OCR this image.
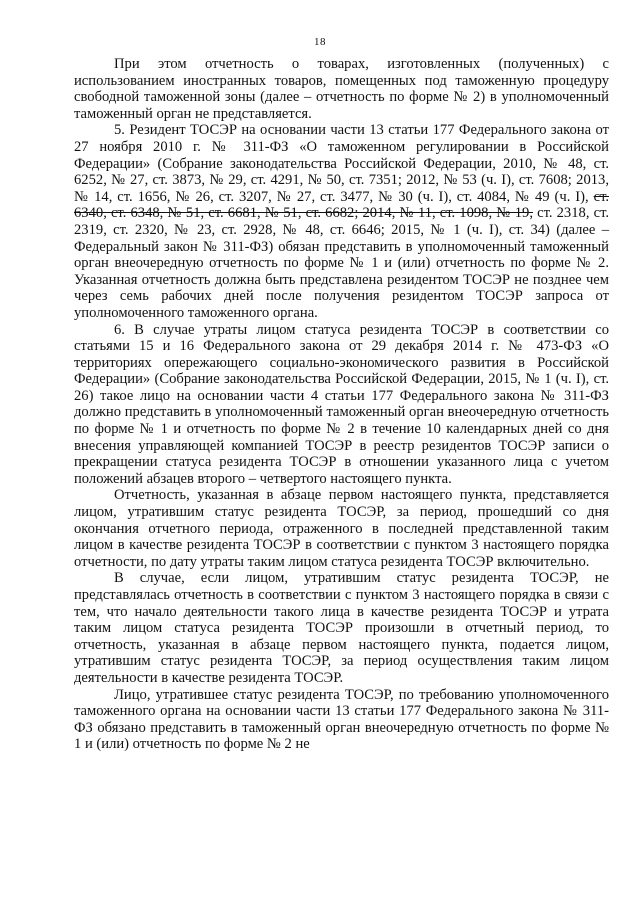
18

При этом отчетность о товарах, изготовленных (полученных) с использованием иностранных товаров, помещенных под таможенную процедуру свободной таможенной зоны (далее – отчетность по форме № 2) в уполномоченный таможенный орган не представляется.

5. Резидент ТОСЭР на основании части 13 статьи 177 Федерального закона от 27 ноября 2010 г. № 311-ФЗ «О таможенном регулировании в Российской Федерации» (Собрание законодательства Российской Федерации, 2010, № 48, ст. 6252, № 27, ст. 3873, № 29, ст. 4291, № 50, ст. 7351; 2012, № 53 (ч. I), ст. 7608; 2013, № 14, ст. 1656, № 26, ст. 3207, № 27, ст. 3477, № 30 (ч. I), ст. 4084, № 49 (ч. I), ст. 6340, ст. 6348, № 51, ст. 6681, № 51, ст. 6682; 2014, № 11, ст. 1098, № 19, ст. 2318, ст. 2319, ст. 2320, № 23, ст. 2928, № 48, ст. 6646; 2015, № 1 (ч. I), ст. 34) (далее – Федеральный закон № 311-ФЗ) обязан представить в уполномоченный таможенный орган внеочередную отчетность по форме № 1 и (или) отчетность по форме № 2. Указанная отчетность должна быть представлена резидентом ТОСЭР не позднее чем через семь рабочих дней после получения резидентом ТОСЭР запроса от уполномоченного таможенного органа.

6. В случае утраты лицом статуса резидента ТОСЭР в соответствии со статьями 15 и 16 Федерального закона от 29 декабря 2014 г. № 473-ФЗ «О территориях опережающего социально-экономического развития в Российской Федерации» (Собрание законодательства Российской Федерации, 2015, № 1 (ч. I), ст. 26) такое лицо на основании части 4 статьи 177 Федерального закона № 311-ФЗ должно представить в уполномоченный таможенный орган внеочередную отчетность по форме № 1 и отчетность по форме № 2 в течение 10 календарных дней со дня внесения управляющей компанией ТОСЭР в реестр резидентов ТОСЭР записи о прекращении статуса резидента ТОСЭР в отношении указанного лица с учетом положений абзацев второго – четвертого настоящего пункта.

Отчетность, указанная в абзаце первом настоящего пункта, представляется лицом, утратившим статус резидента ТОСЭР, за период, прошедший со дня окончания отчетного периода, отраженного в последней представленной таким лицом в качестве резидента ТОСЭР в соответствии с пунктом 3 настоящего порядка отчетности, по дату утраты таким лицом статуса резидента ТОСЭР включительно.

В случае, если лицом, утратившим статус резидента ТОСЭР, не представлялась отчетность в соответствии с пунктом 3 настоящего порядка в связи с тем, что начало деятельности такого лица в качестве резидента ТОСЭР и утрата таким лицом статуса резидента ТОСЭР произошли в отчетный период, то отчетность, указанная в абзаце первом настоящего пункта, подается лицом, утратившим статус резидента ТОСЭР, за период осуществления таким лицом деятельности в качестве резидента ТОСЭР.

Лицо, утратившее статус резидента ТОСЭР, по требованию уполномоченного таможенного органа на основании части 13 статьи 177 Федерального закона № 311-ФЗ обязано представить в таможенный орган внеочередную отчетность по форме № 1 и (или) отчетность по форме № 2 не
